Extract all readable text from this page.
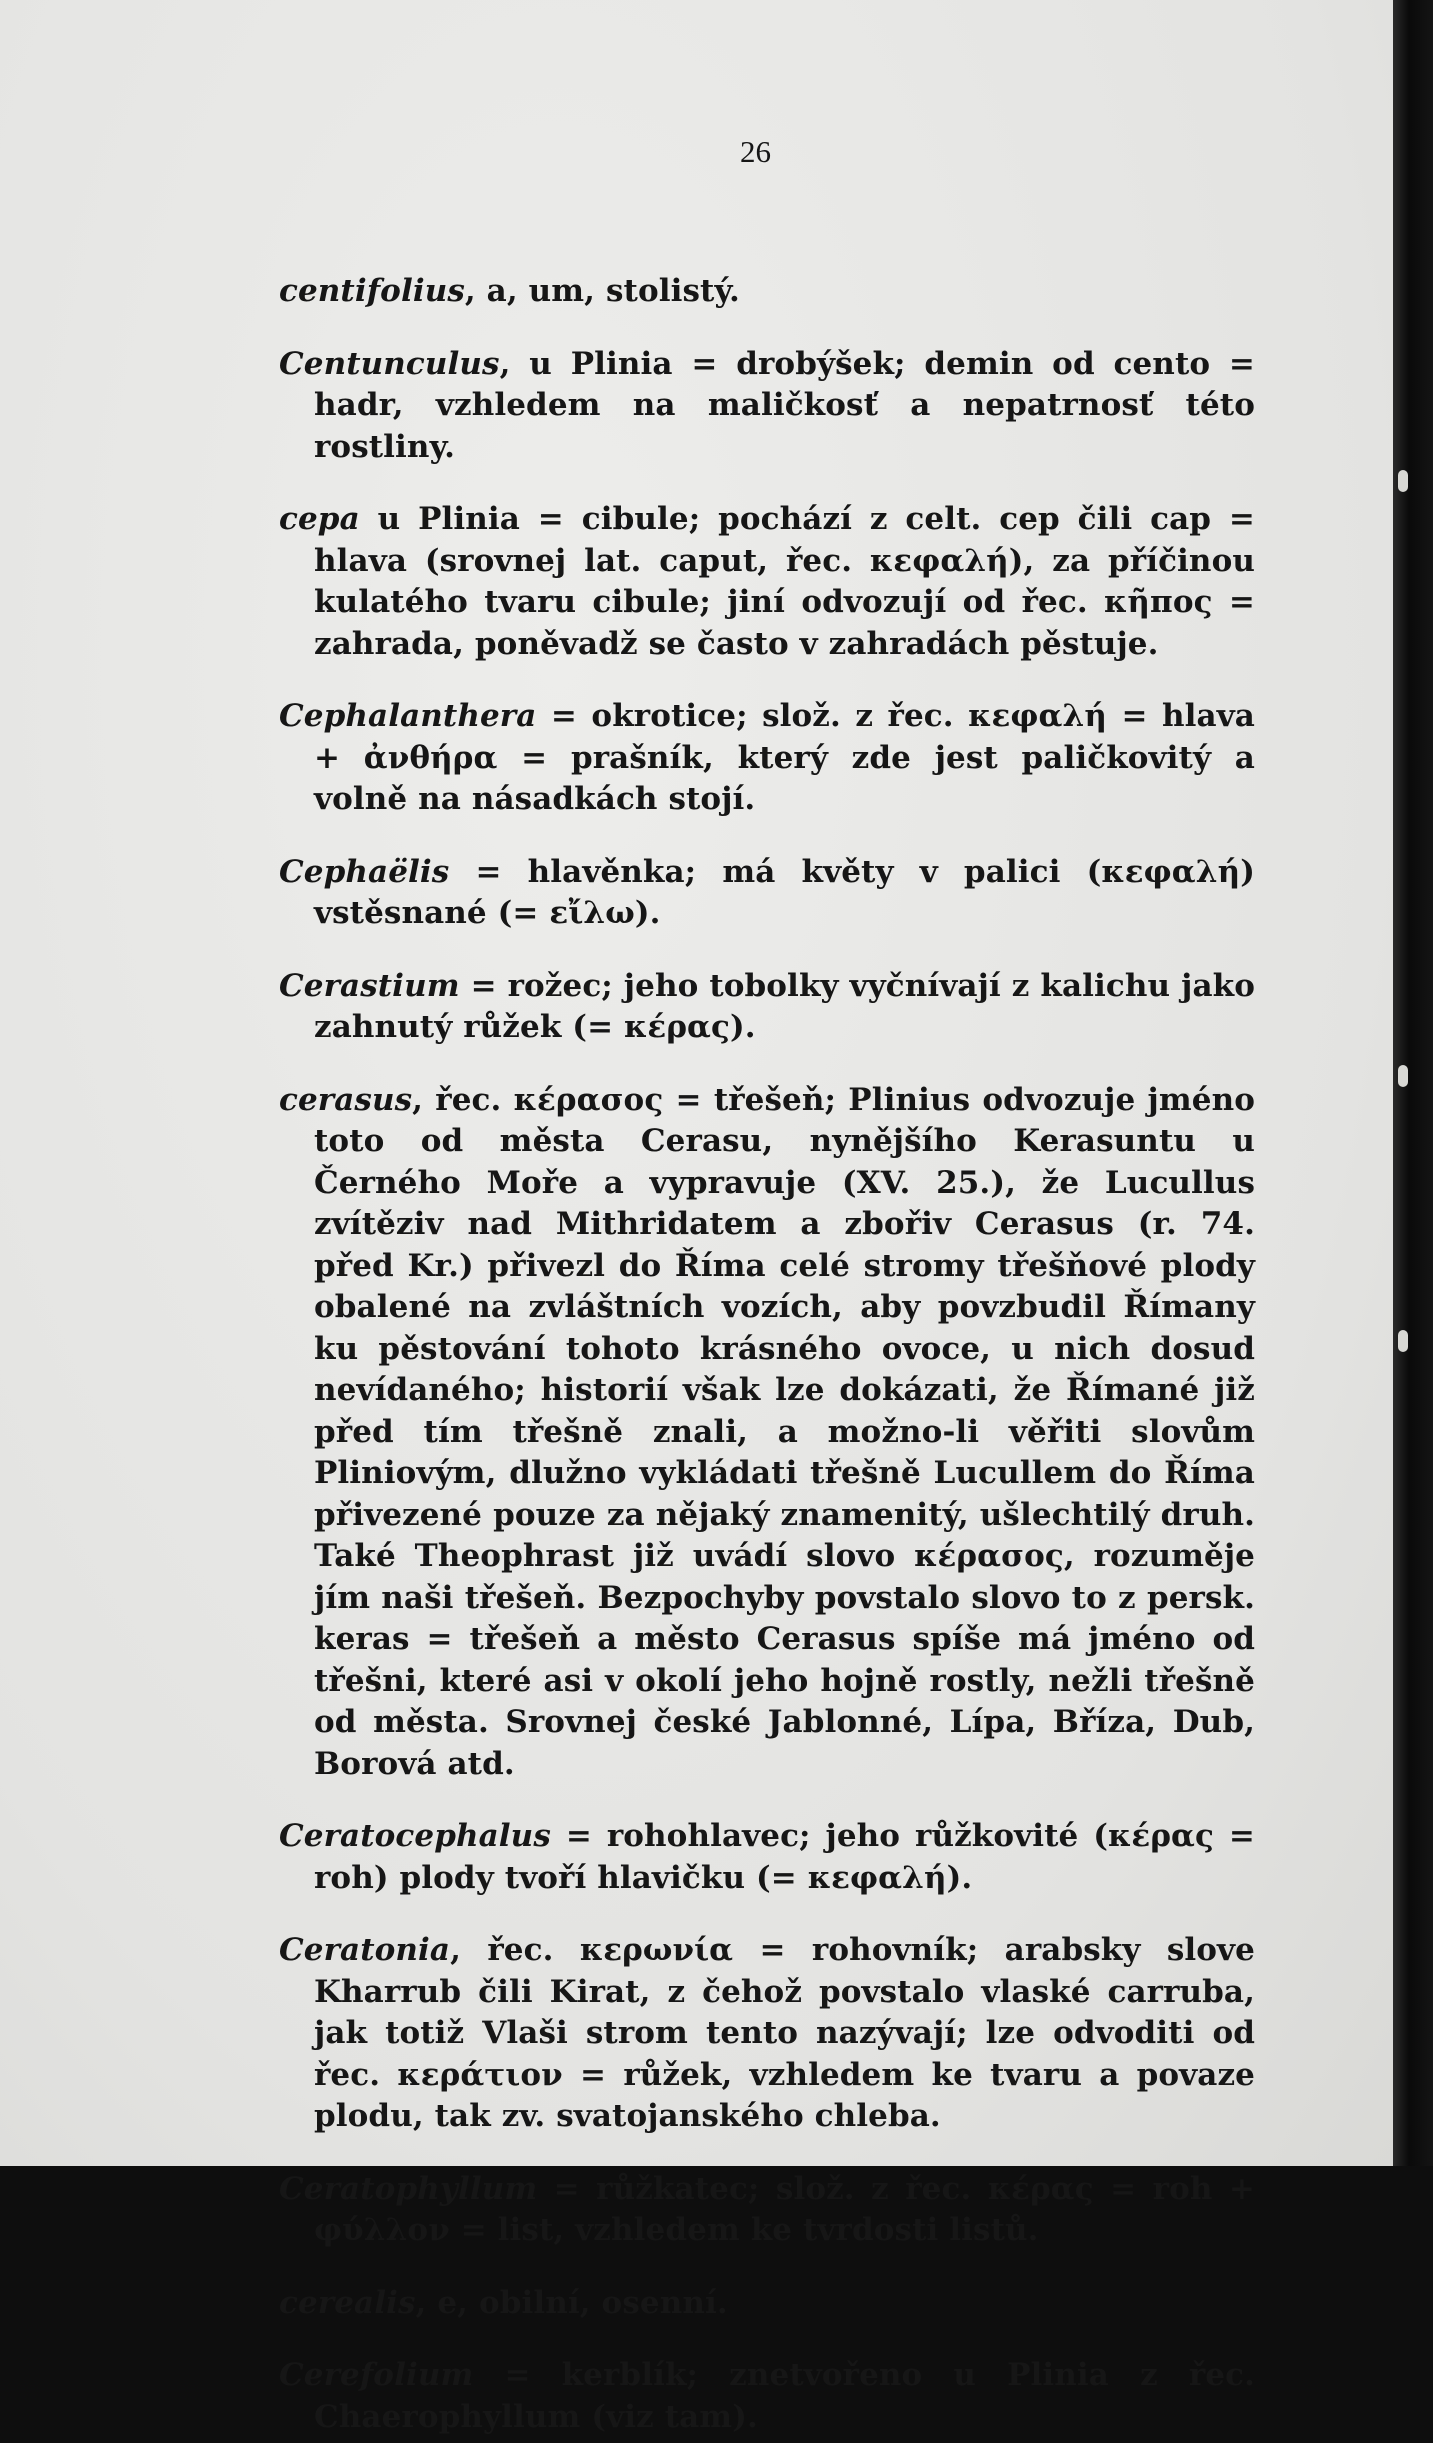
26

centifolius, a, um, stolistý.

Centunculus, u Plinia = drobýšek; demin od cento = hadr, vzhledem na maličkosť a nepatrnosť této rostliny.

cepa u Plinia = cibule; pochází z celt. cep čili cap = hlava (srovnej lat. caput, řec. κεφαλή), za příčinou kulatého tvaru cibule; jiní odvozují od řec. κῆπος = zahrada, poněvadž se často v zahradách pěstuje.

Cephalanthera = okrotice; slož. z řec. κεφαλή = hlava + ἀνθήρα = prašník, který zde jest paličkovitý a volně na násadkách stojí.

Cephaëlis = hlavěnka; má květy v palici (κεφαλή) vstěsnané (= εἴλω).

Cerastium = rožec; jeho tobolky vyčnívají z kalichu jako zahnutý růžek (= κέρας).

cerasus, řec. κέρασος = třešeň; Plinius odvozuje jméno toto od města Cerasu, nynějšího Kerasuntu u Černého Moře a vypravuje (XV. 25.), že Lucullus zvítěziv nad Mithridatem a zbořiv Cerasus (r. 74. před Kr.) přivezl do Říma celé stromy třešňové plody obalené na zvláštních vozích, aby povzbudil Římany ku pěstování tohoto krásného ovoce, u nich dosud nevídaného; historií však lze dokázati, že Římané již před tím třešně znali, a možno-li věřiti slovům Pliniovým, dlužno vykládati třešně Lucullem do Říma přivezené pouze za nějaký znamenitý, ušlechtilý druh. Také Theophrast již uvádí slovo κέρασος, rozuměje jím naši třešeň. Bezpochyby povstalo slovo to z persk. keras = třešeň a město Cerasus spíše má jméno od třešni, které asi v okolí jeho hojně rostly, nežli třešně od města. Srovnej české Jablonné, Lípa, Bříza, Dub, Borová atd.

Ceratocephalus = rohohlavec; jeho růžkovité (κέρας = roh) plody tvoří hlavičku (= κεφαλή).

Ceratonia, řec. κερωνία = rohovník; arabsky slove Kharrub čili Kirat, z čehož povstalo vlaské carruba, jak totiž Vlaši strom tento nazývají; lze odvoditi od řec. κεράτιον = růžek, vzhledem ke tvaru a povaze plodu, tak zv. svatojanského chleba.

Ceratophyllum = růžkatec; slož. z řec. κέρας = roh + φύλλον = list, vzhledem ke tvrdosti listů.

cerealis, e, obilní, osenní.

Cerefolium = kerblík; znetvořeno u Plinia z řec. Chaerophyllum (viz tam).
